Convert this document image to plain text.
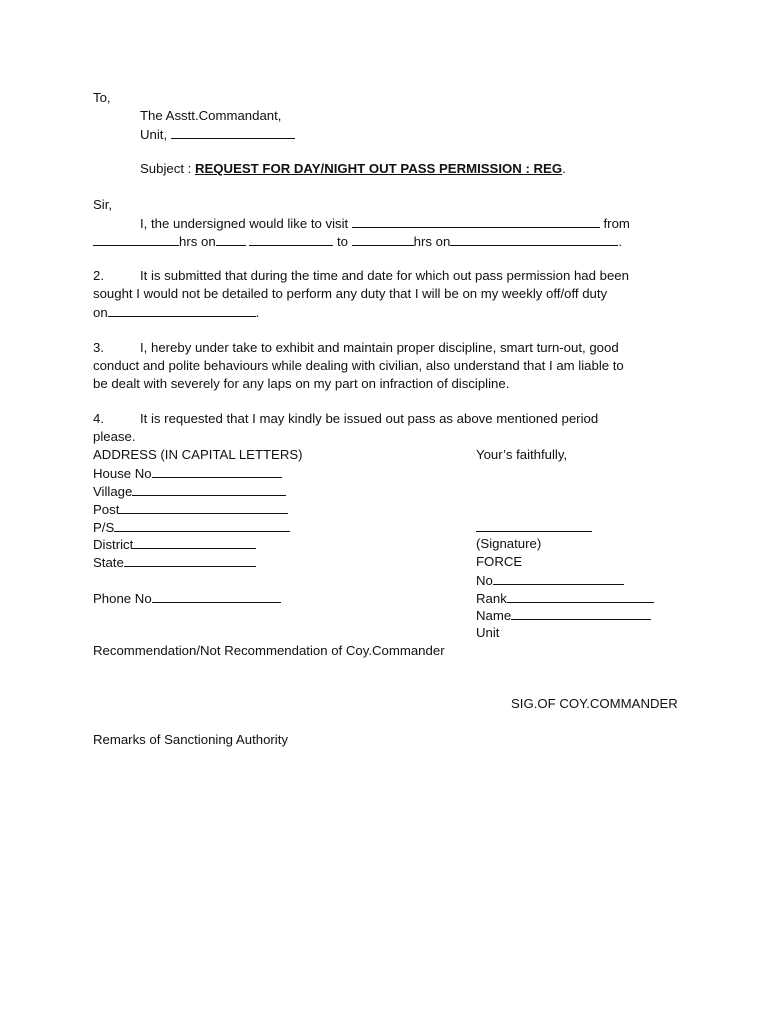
To,
The Asstt.Commandant,
Unit,
Subject : REQUEST FOR DAY/NIGHT OUT PASS PERMISSION : REG.
Sir,
I, the undersigned would like to visit	from
hrs on	to	hrs on	.
2.	It is submitted that during the time and date for which out pass permission had been
sought I would not be detailed to perform any duty that I will be on my weekly off/off duty
on	.
3.	I, hereby under take to exhibit and maintain proper discipline, smart turn-out, good
conduct and polite behaviours while dealing with civilian, also understand that I am liable to
be dealt with severely for any laps on my part on infraction of discipline.
4.	It is requested that I may kindly be issued out pass as above mentioned period
please.
ADDRESS (IN CAPITAL LETTERS)
House No
Village
Post
P/S
District
State
Phone No
Your’s faithfully,
(Signature)
FORCE
No
Rank
Name
Unit
Recommendation/Not Recommendation of Coy.Commander
SIG.OF COY.COMMANDER
Remarks of Sanctioning Authority
